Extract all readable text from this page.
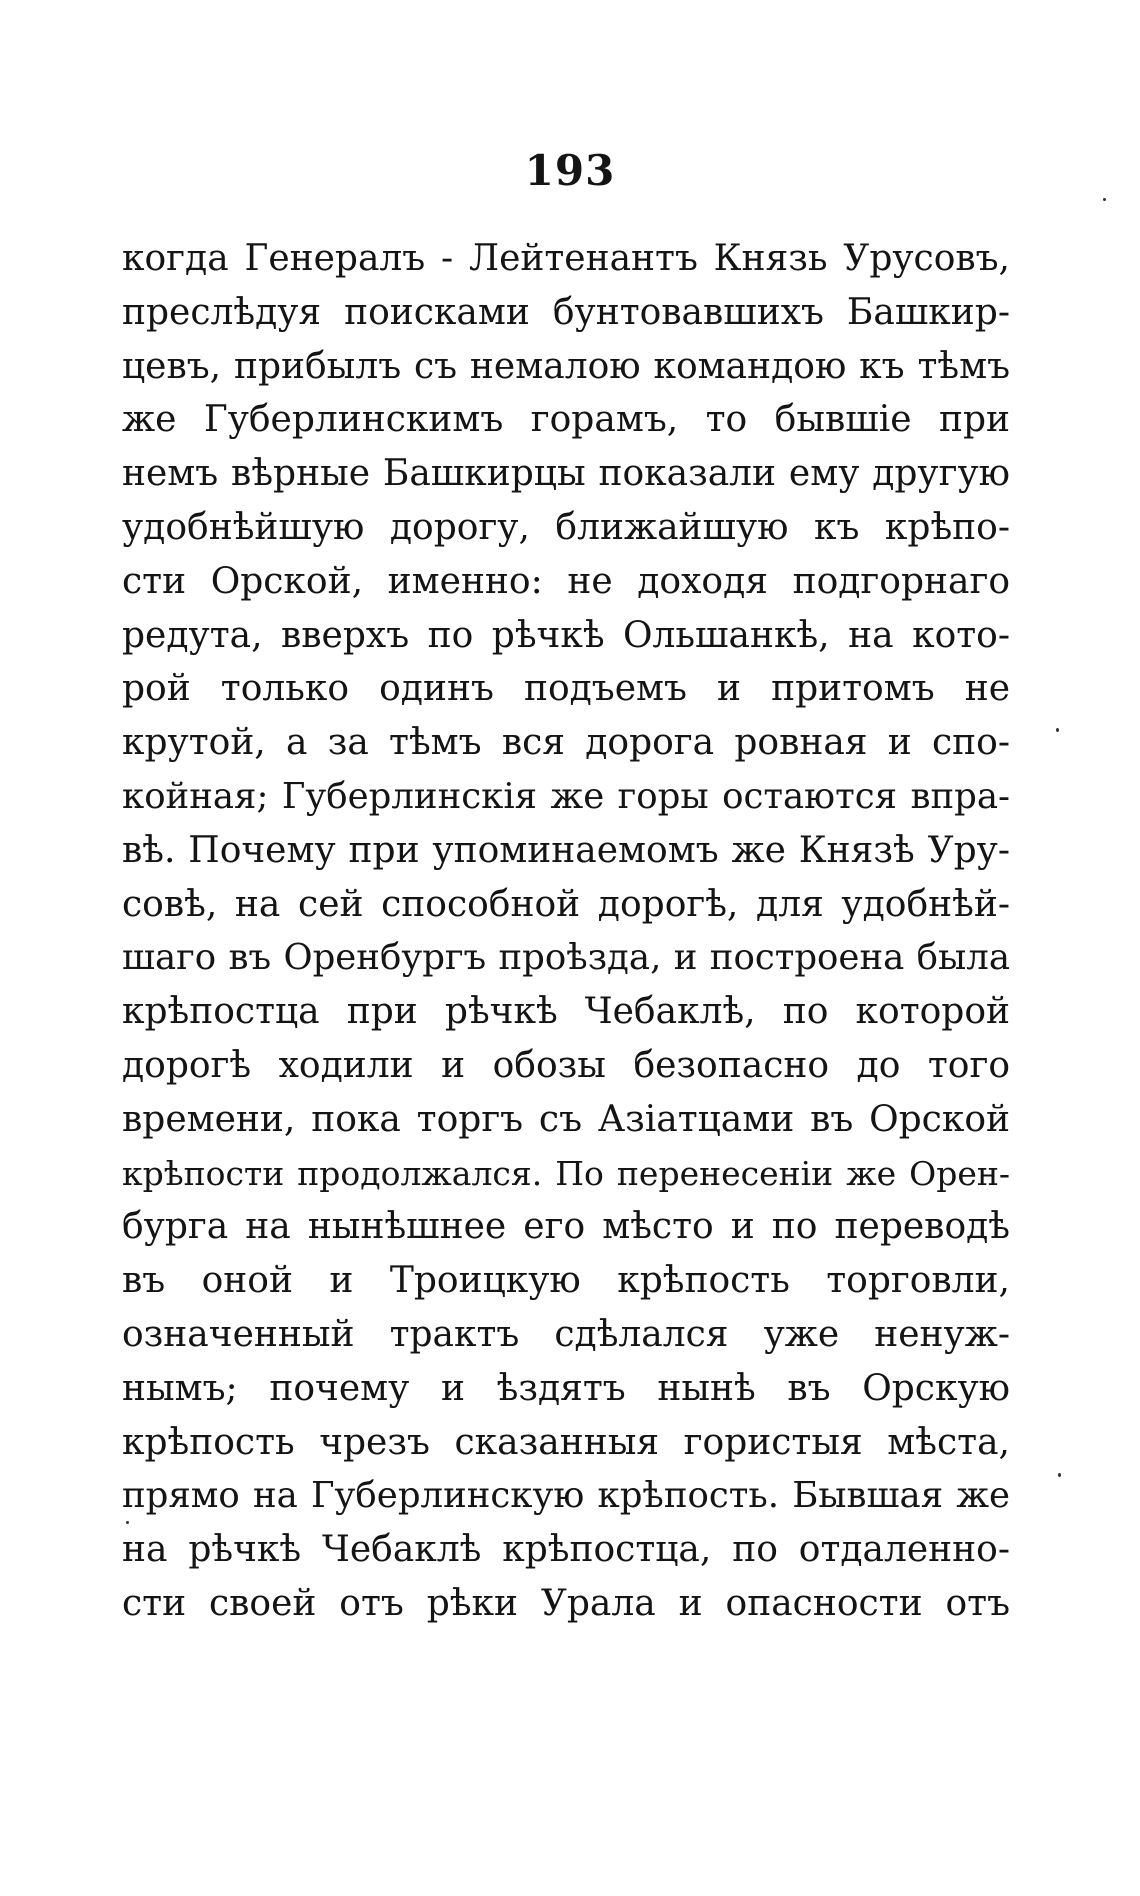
193
когда Генералъ - Лейтенантъ Князь Урусовъ,
преслѣдуя поисками бунтовавшихъ Башкир-
цевъ, прибылъ съ немалою командою къ тѣмъ
же Губерлинскимъ горамъ, то бывшіе при
немъ вѣрные Башкирцы показали ему другую
удобнѣйшую дорогу, ближайшую къ крѣпо-
сти Орской, именно: не доходя подгорнаго
редута, вверхъ по рѣчкѣ Ольшанкѣ, на кото-
рой только одинъ подъемъ и притомъ не
крутой, а за тѣмъ вся дорога ровная и спо-
койная; Губерлинскія же горы остаются впра-
вѣ. Почему при упоминаемомъ же Князѣ Уру-
совѣ, на сей способной дорогѣ, для удобнѣй-
шаго въ Оренбургъ проѣзда, и построена была
крѣпостца при рѣчкѣ Чебаклѣ, по которой
дорогѣ ходили и обозы безопасно до того
времени, пока торгъ съ Азіатцами въ Орской
крѣпости продолжался. По перенесеніи же Орен-
бурга на нынѣшнее его мѣсто и по переводѣ
въ оной и Троицкую крѣпость торговли,
означенный трактъ сдѣлался уже ненуж-
нымъ; почему и ѣздятъ нынѣ въ Орскую
крѣпость чрезъ сказанныя гористыя мѣста,
прямо на Губерлинскую крѣпость. Бывшая же
на рѣчкѣ Чебаклѣ крѣпостца, по отдаленно-
сти своей отъ рѣки Урала и опасности отъ
